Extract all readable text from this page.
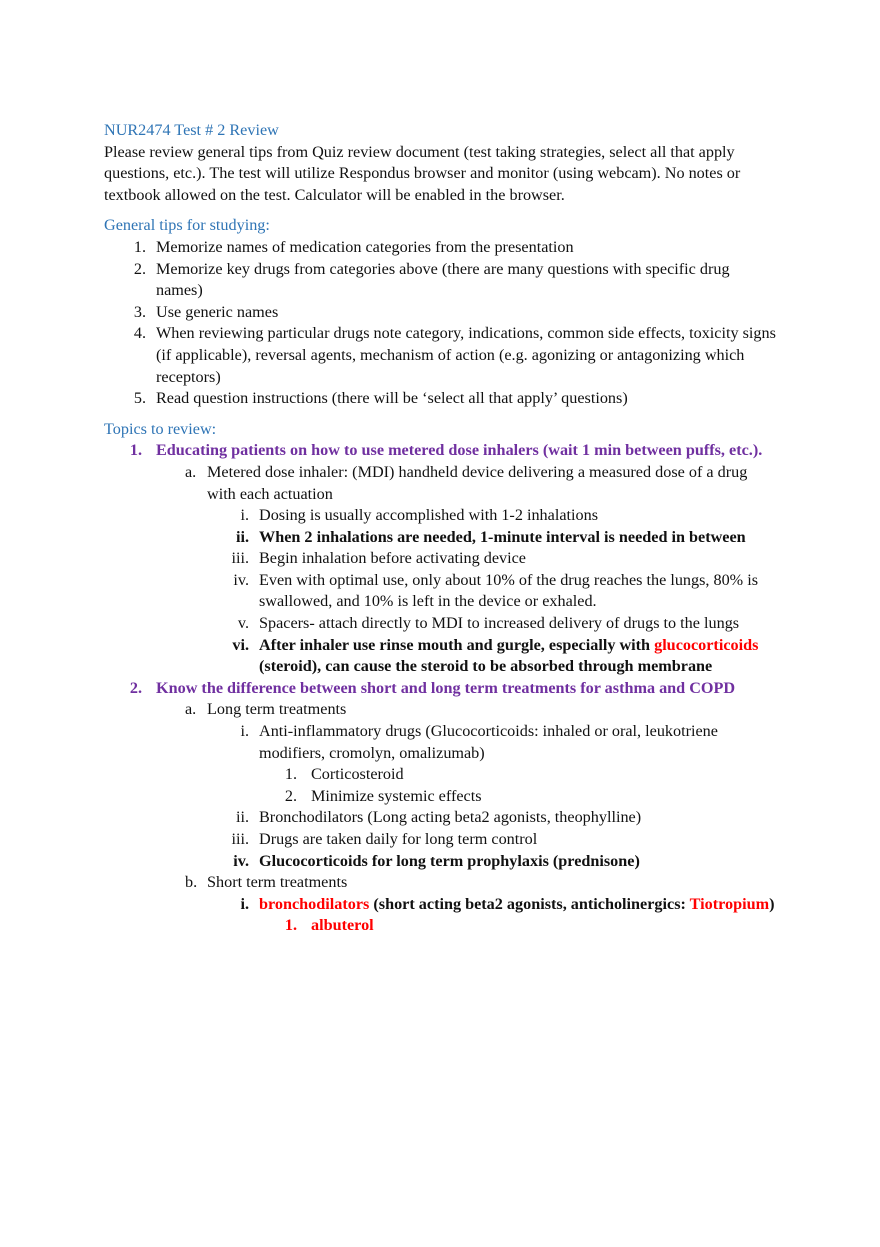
NUR2474 Test # 2 Review
Please review general tips from Quiz review document (test taking strategies, select all that apply questions, etc.). The test will utilize Respondus browser and monitor (using webcam). No notes or textbook allowed on the test. Calculator will be enabled in the browser.
General tips for studying:
1. Memorize names of medication categories from the presentation
2. Memorize key drugs from categories above (there are many questions with specific drug names)
3. Use generic names
4. When reviewing particular drugs note category, indications, common side effects, toxicity signs (if applicable), reversal agents, mechanism of action (e.g. agonizing or antagonizing which receptors)
5. Read question instructions (there will be ‘select all that apply’ questions)
Topics to review:
1. Educating patients on how to use metered dose inhalers (wait 1 min between puffs, etc.).
a. Metered dose inhaler: (MDI) handheld device delivering a measured dose of a drug with each actuation
i. Dosing is usually accomplished with 1-2 inhalations
ii. When 2 inhalations are needed, 1-minute interval is needed in between
iii. Begin inhalation before activating device
iv. Even with optimal use, only about 10% of the drug reaches the lungs, 80% is swallowed, and 10% is left in the device or exhaled.
v. Spacers- attach directly to MDI to increased delivery of drugs to the lungs
vi. After inhaler use rinse mouth and gurgle, especially with glucocorticoids (steroid), can cause the steroid to be absorbed through membrane
2. Know the difference between short and long term treatments for asthma and COPD
a. Long term treatments
i. Anti-inflammatory drugs (Glucocorticoids: inhaled or oral, leukotriene modifiers, cromolyn, omalizumab)
1. Corticosteroid
2. Minimize systemic effects
ii. Bronchodilators (Long acting beta2 agonists, theophylline)
iii. Drugs are taken daily for long term control
iv. Glucocorticoids for long term prophylaxis (prednisone)
b. Short term treatments
i. bronchodilators (short acting beta2 agonists, anticholinergics: Tiotropium)
1. albuterol
